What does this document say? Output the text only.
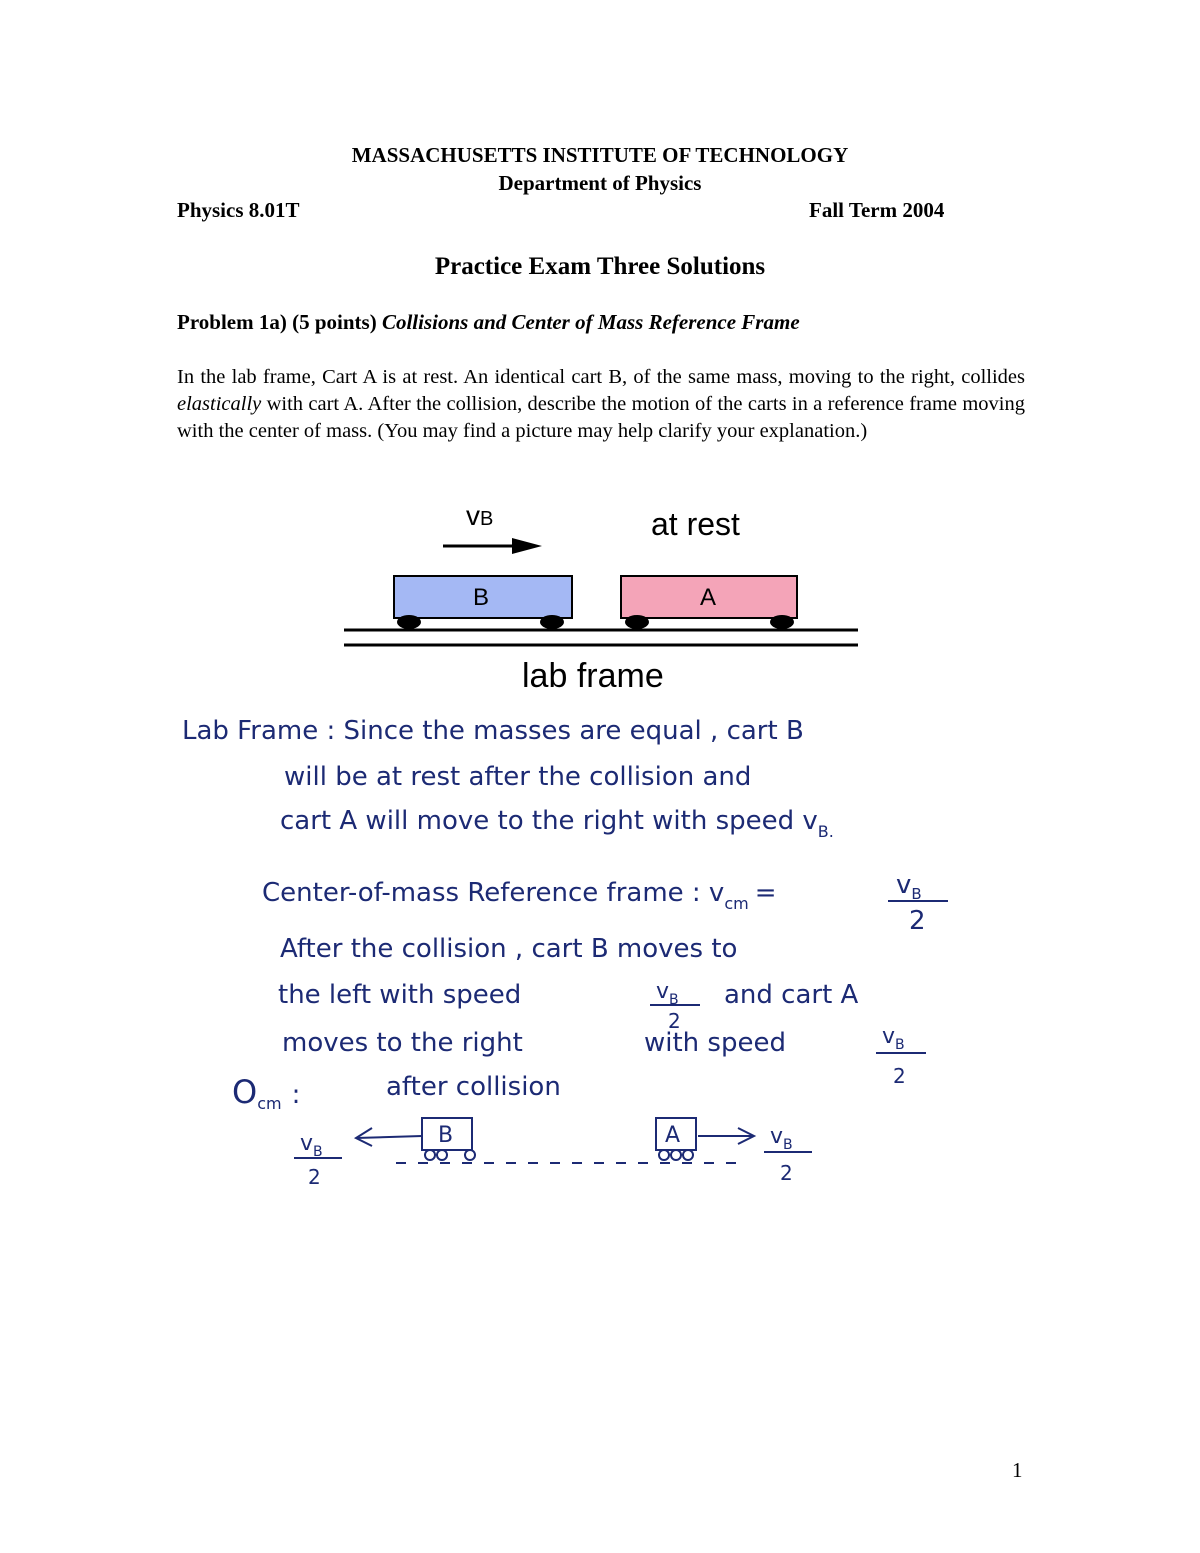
MASSACHUSETTS INSTITUTE OF TECHNOLOGY
Department of Physics
Physics 8.01T	Fall Term 2004
Practice Exam Three Solutions
Problem 1a) (5 points) Collisions and Center of Mass Reference Frame

In the lab frame, Cart A is at rest. An identical cart B, of the same mass, moving to the right, collides elastically with cart A. After the collision, describe the motion of the carts in a reference frame moving with the center of mass. (You may find a picture may help clarify your explanation.)

vB	at rest
B	A
lab frame
Lab Frame : Since the masses are equal , cart B
will be at rest after the collision and
cart A will move to the right with speed $v_{B.}$
Center-of-mass Reference frame : $v_{cm}$ =	$v_B$
2
After the collision , cart B moves to
the left with speed	$v_B$
2
and cart A
moves to the right	with speed	$v_B$
2
Ocm :	after collision
$v_B$
2
B	A	$v_B$
2
1
